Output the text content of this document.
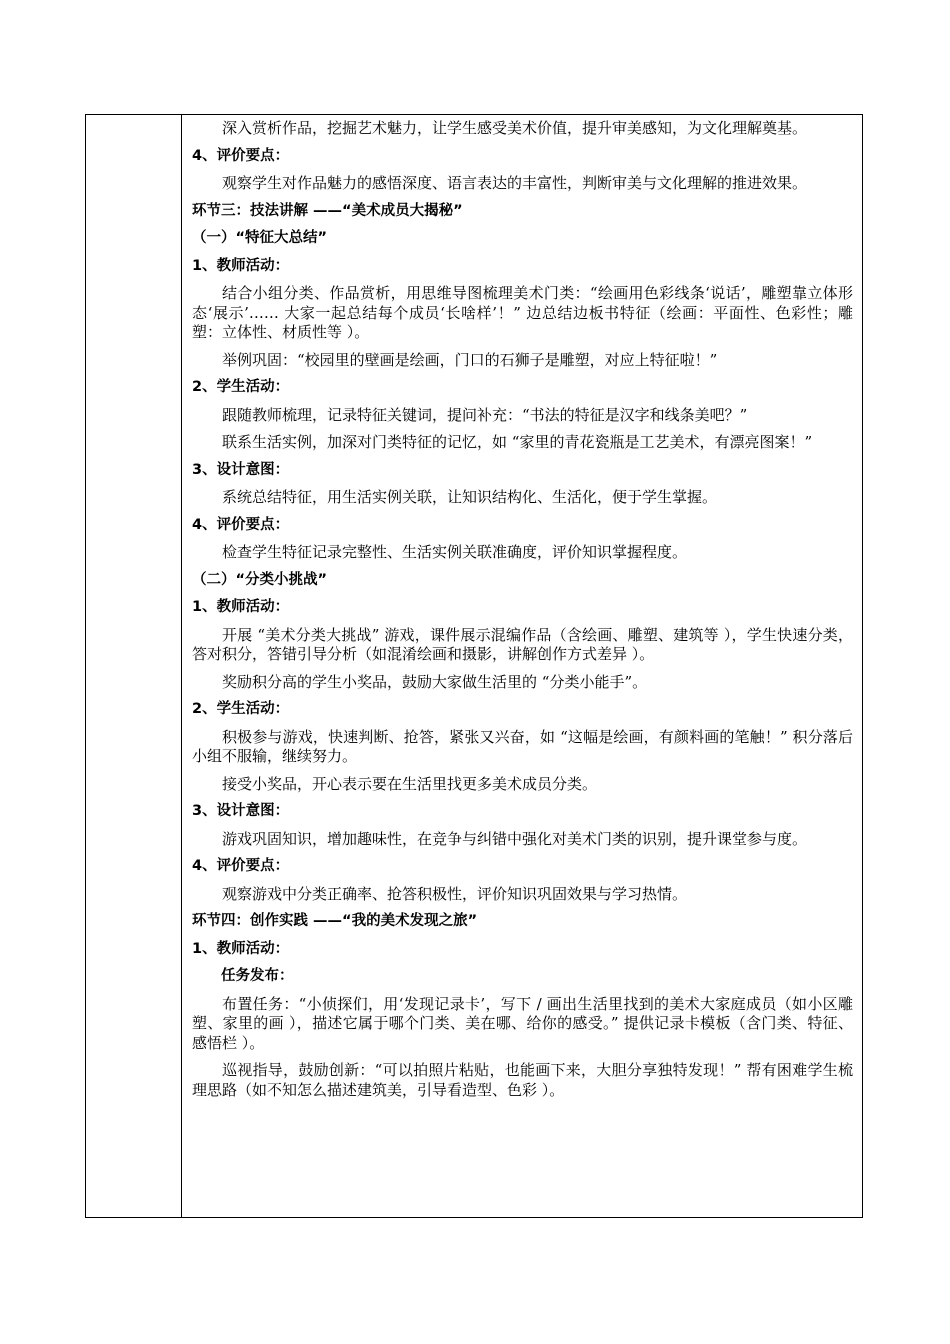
深入赏析作品，挖掘艺术魅力，让学生感受美术价值，提升审美感知，为文化理解奠基。
4、评价要点：
观察学生对作品魅力的感悟深度、语言表达的丰富性，判断审美与文化理解的推进效果。
环节三：技法讲解 ——“美术成员大揭秘”
（一）“特征大总结”
1、教师活动：
结合小组分类、作品赏析，用思维导图梳理美术门类：“绘画用色彩线条‘说话’，雕塑靠立体形态‘展示’…… 大家一起总结每个成员‘长啥样’！” 边总结边板书特征（绘画：平面性、色彩性；雕塑：立体性、材质性等 ）。
举例巩固：“校园里的壁画是绘画，门口的石狮子是雕塑，对应上特征啦！”
2、学生活动：
跟随教师梳理，记录特征关键词，提问补充：“书法的特征是汉字和线条美吧？”
联系生活实例，加深对门类特征的记忆，如 “家里的青花瓷瓶是工艺美术，有漂亮图案！”
3、设计意图：
系统总结特征，用生活实例关联，让知识结构化、生活化，便于学生掌握。
4、评价要点：
检查学生特征记录完整性、生活实例关联准确度，评价知识掌握程度。
（二）“分类小挑战”
1、教师活动：
开展 “美术分类大挑战” 游戏，课件展示混编作品（含绘画、雕塑、建筑等 ），学生快速分类，答对积分，答错引导分析（如混淆绘画和摄影，讲解创作方式差异 ）。
奖励积分高的学生小奖品，鼓励大家做生活里的 “分类小能手”。
2、学生活动：
积极参与游戏，快速判断、抢答，紧张又兴奋，如 “这幅是绘画，有颜料画的笔触！” 积分落后小组不服输，继续努力。
接受小奖品，开心表示要在生活里找更多美术成员分类。
3、设计意图：
游戏巩固知识，增加趣味性，在竞争与纠错中强化对美术门类的识别，提升课堂参与度。
4、评价要点：
观察游戏中分类正确率、抢答积极性，评价知识巩固效果与学习热情。
环节四：创作实践 ——“我的美术发现之旅”
1、教师活动：
任务发布：
布置任务：“小侦探们，用‘发现记录卡’，写下 / 画出生活里找到的美术大家庭成员（如小区雕塑、家里的画 ），描述它属于哪个门类、美在哪、给你的感受。” 提供记录卡模板（含门类、特征、感悟栏 ）。
巡视指导，鼓励创新：“可以拍照片粘贴，也能画下来，大胆分享独特发现！” 帮有困难学生梳理思路（如不知怎么描述建筑美，引导看造型、色彩 ）。
